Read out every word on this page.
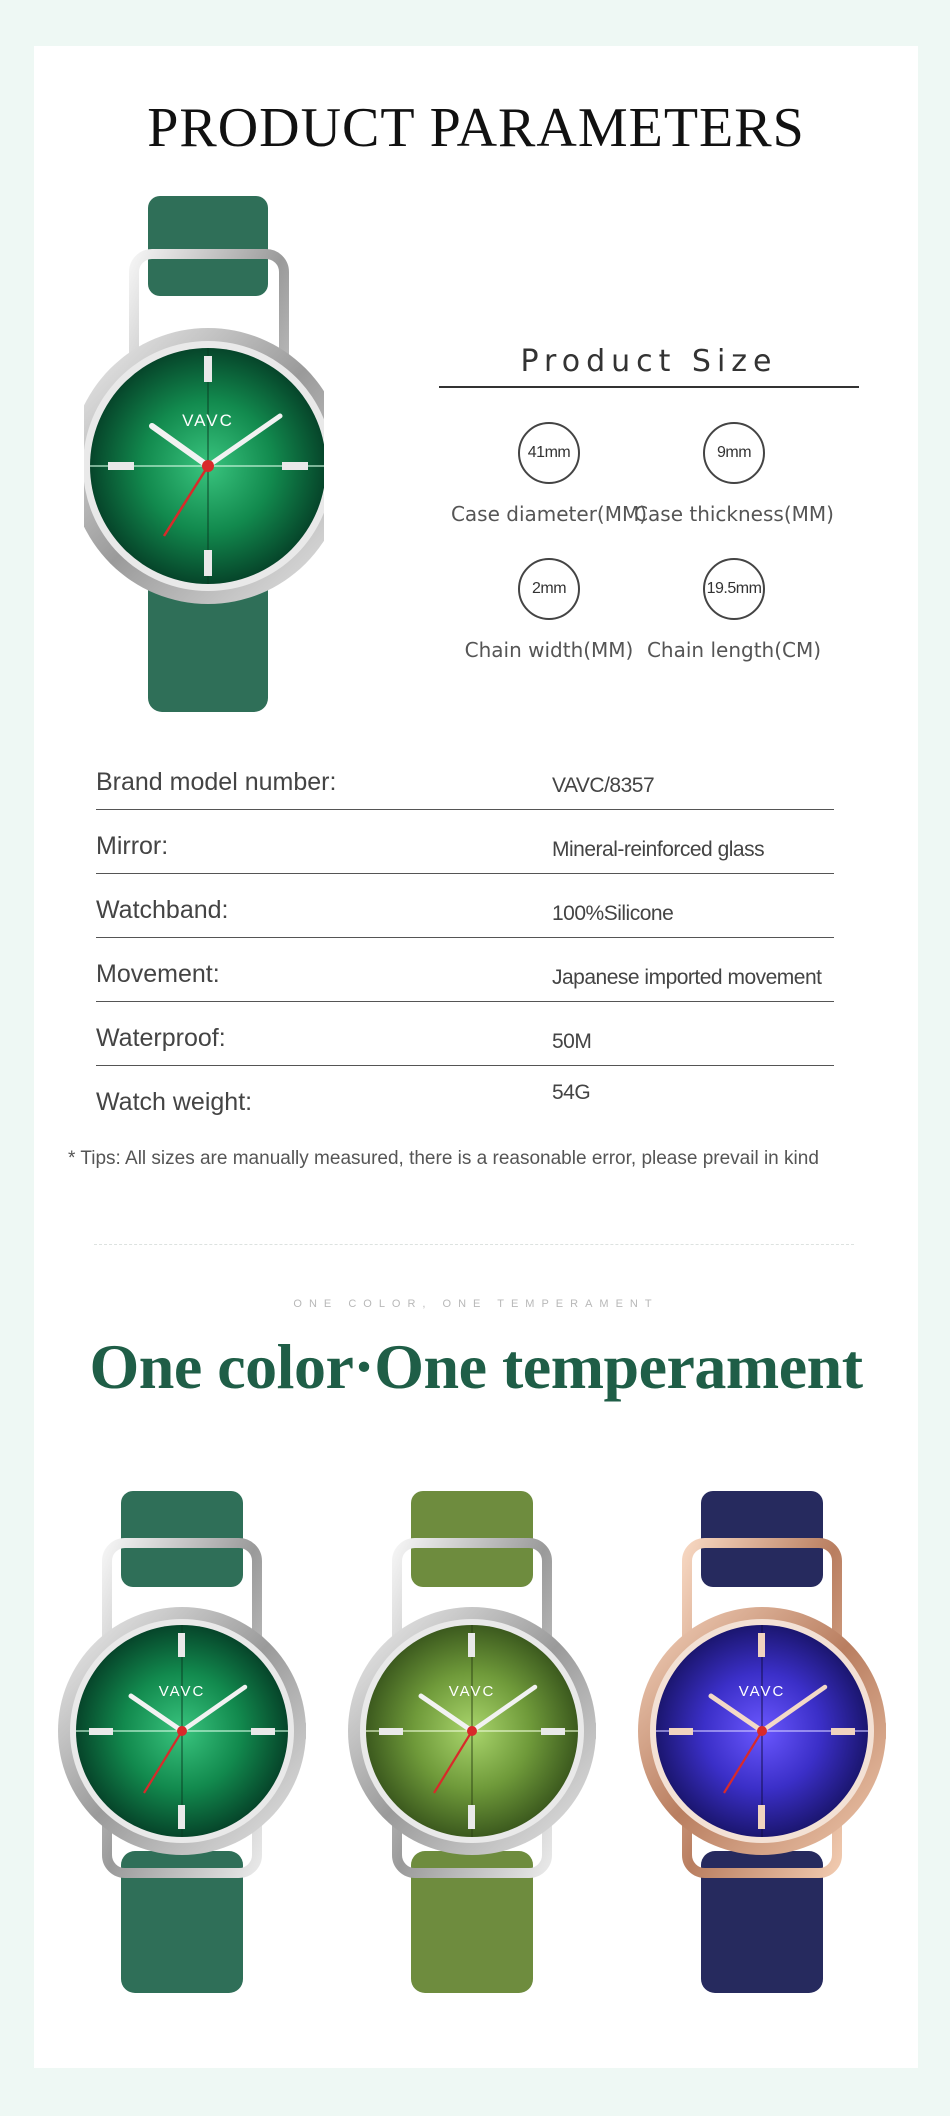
PRODUCT PARAMETERS
VAVC
Product Size
41mm
Case diameter(MM)
9mm
Case thickness(MM)
2mm
Chain width(MM)
19.5mm
Chain length(CM)
Brand model number:	VAVC/8357
Mirror:	Mineral-reinforced glass
Watchband:	100%Silicone
Movement:	Japanese imported movement
Waterproof:	50M
Watch weight:	54G
* Tips: All sizes are manually measured, there is a reasonable error, please prevail in kind
ONE COLOR, ONE TEMPERAMENT
One color·One temperament
VAVC	VAVC	VAVC
